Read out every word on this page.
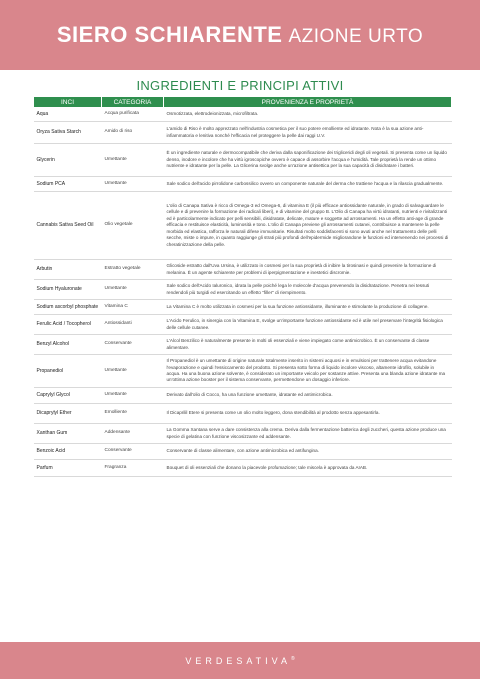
SIERO SCHIARENTE AZIONE URTO
INGREDIENTI E PRINCIPI ATTIVI
INCI	CATEGORIA	PROVENIENZA E PROPRIETÀ
Aqua	Acqua purificata	Osmotizzata, elettrodeionizzata, microfiltrata.
Oryza Sativa Starch	Amido di riso	L'amido di Riso è molto apprezzato nell'industria cosmetica per il suo potere emolliente ed idratante. Nota è la sua azione anti-infiammatoria e lenitiva nonché l'efficacia nel proteggere la pelle dai raggi U.V.
Glycerin	Umettante	È un ingrediente naturale e dermocompatibile che deriva dalla saponificazione dei trigliceridi degli oli vegetali. Si presenta come un liquido denso, inodore e incolore che ha virtù igroscopiche ovvero è capace di assorbire l'acqua e l'umidità. Tale proprietà la rende un ottimo nutriente e idratante per la pelle. La Glicerina svolge anche un'azione antisettica per la sua capacità di disidratare i batteri.
Sodium PCA	Umettante	Sale sodico dell'acido pirrolidone carbossilico ovvero un componente naturale del derma che trattiene l'acqua e la rilascia gradualmente.
Cannabis Sativa Seed Oil	Olio vegetale	L'olio di Canapa Sativa è ricco di Omega-3 ed Omega-6, di vitamina E (il più efficace antiossidante naturale, in grado di salvaguardare le cellule e di prevenire la formazione dei radicali liberi), e di vitamine del gruppo B. L'Olio di Canapa ha virtù idratanti, nutrienti e rivitalizzanti ed è particolarmente indicato per pelli sensibili, disidratate, delicate, mature e soggette ad arrossamenti. Ha un effetto anti-age di grande efficacia e restituisce elasticità, luminosità e tono. L'olio di Canapa previene gli arrossamenti cutanei, contribuisce a mantenere la pelle morbida ed elastica, rafforza le naturali difese immunitarie. Risultati molto soddisfacenti si sono avuti anche nel trattamento delle pelli secche, miste o impure, in quanto raggiunge gli strati più profondi dell'epidermide migliorandone le funzioni ed intervenendo nei processi di cheratinizzazione della pelle.
Arbutin	Estratto vegetale	Glicoside estratto dall'Uva Ursina, è utilizzato in cosmesi per la sua proprietà di inibire la tirosinasi e quindi prevenire la formazione di melanina. È un agente schiarente per problemi di iperpigmentazione e inestetici discromie.
Sodium Hyaluronate	Umettante	Sale sodico dell'Acido Ialuronico, idrata la pelle poiché lega le molecole d'acqua prevenendo la disidratazione. Penetra nei tessuti rendendoli più turgidi ed esercitando un effetto "filler" di riempimento.
Sodium ascorbyl phosphate	Vitamina C	La Vitamina C è molto utilizzata in cosmesi per la sua funzione antiossidante, illuminante e stimolante la produzione di collagene.
Ferulic Acid / Tocopherol	Antiossidanti	L'Acido Ferulico, in sinergia con la Vitamina E, svolge un'importante funzione antiossidante ed è utile nel preservare l'integrità fisiologica delle cellule cutanee.
Benzyl Alcohol	Conservante	L'Alcol Benzilico è naturalmente presente in molti oli essenziali e viene impiegato come antimicrobico. È un conservante di classe alimentare.
Propanediol	Umettante	Il Propanediol è un umettante di origine naturale totalmente inserito in sistemi acquosi e in emulsioni per trattenere acqua evitandone l'evaporazione e quindi l'essiccamento del prodotto. Si presenta sotto forma di liquido incolore viscoso, altamente idrofilo, solubile in acqua. Ha una buona azione solvente, è considerato un importante veicolo per sostanze attive. Presenta una blanda azione idratante ma un'ottima azione booster per il sistema conservante, permettendone un dosaggio inferiore.
Caprylyl Glycol	Umettante	Derivato dall'olio di Cocco, ha una funzione umettante, idratante ed antimicrobica.
Dicaprylyl Ether	Emolliente	Il Dicaprilil Etere si presenta come un olio molto leggero, dona stendibilità al prodotto senza appesantirla.
Xanthan Gum	Addensante	La Gomma Xantana serve a dare consistenza alla crema. Deriva dalla fermentazione batterica degli zuccheri, questa azione produce una specie di gelatina con funzione viscosizzante ed addensante.
Benzoic Acid	Conservante	Conservante di classe alimentare, con azione antimicrobica ed antifungina.
Parfum	Fragranza	Bouquet di oli essenziali che donano la piacevole profumazione; tale miscela è approvata da AIAB.
VERDESATIVA®
